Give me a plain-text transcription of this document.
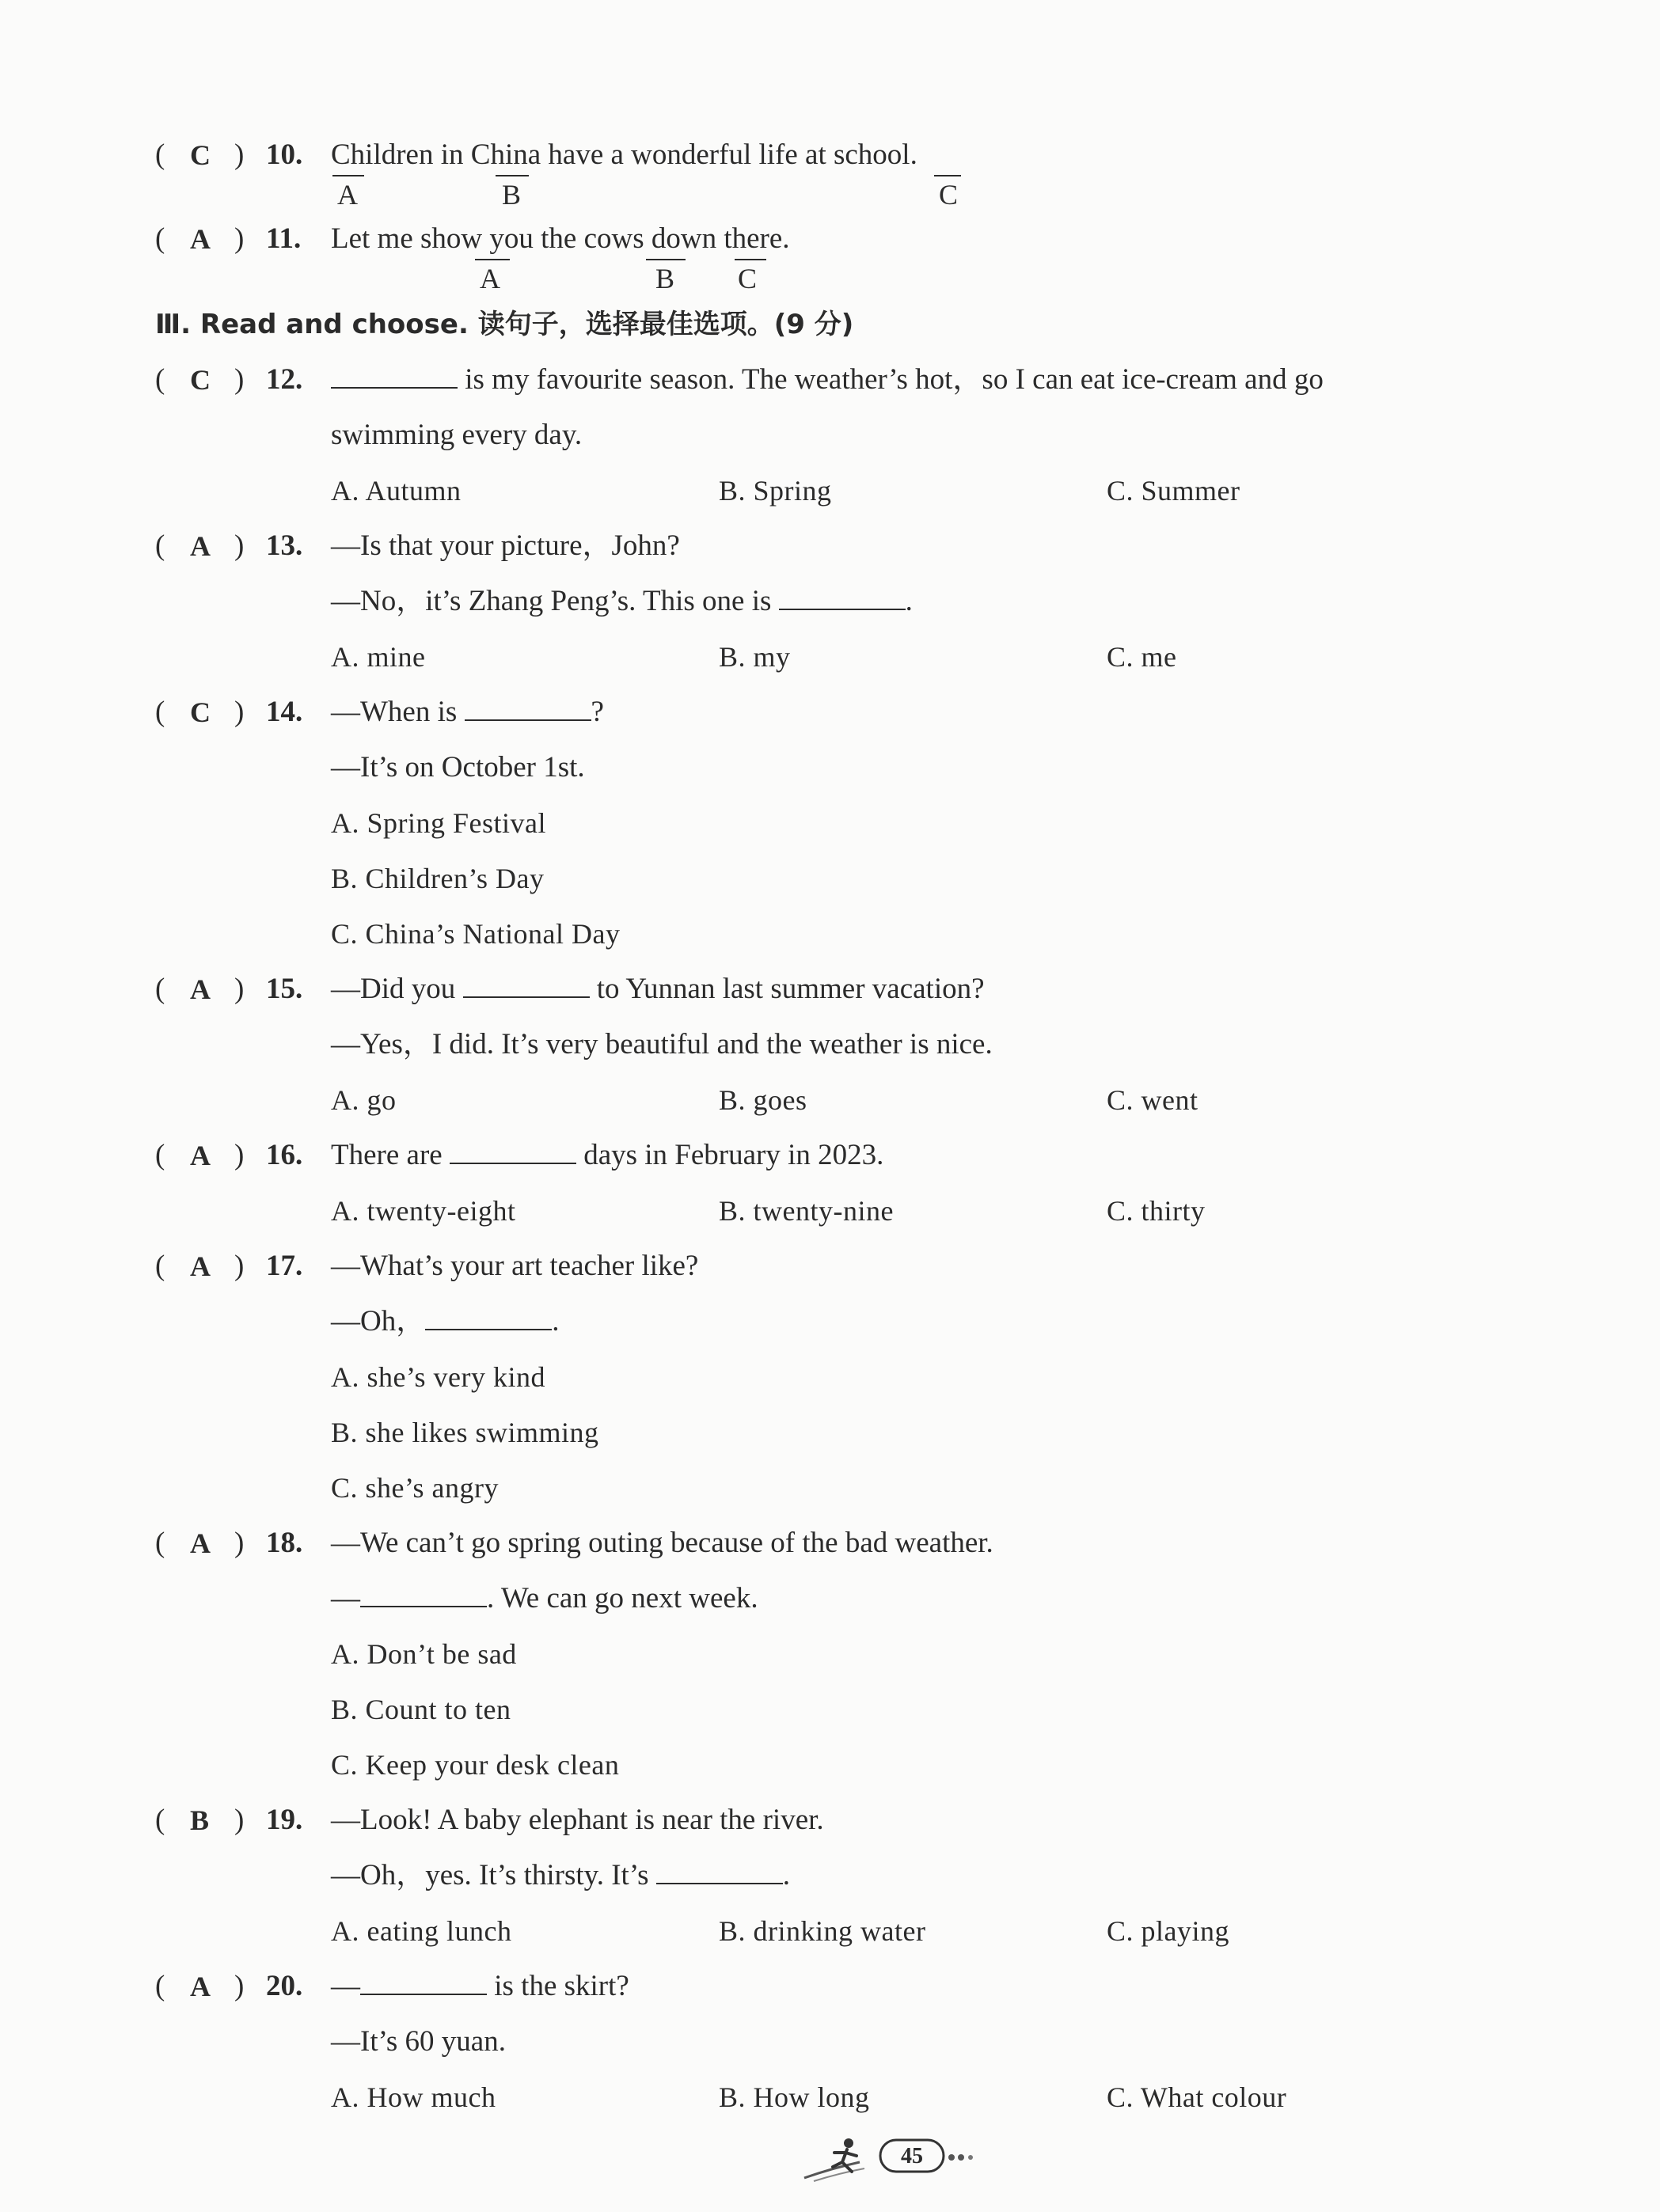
( C ) 10. Children in China have a wonderful life at school.
A	B	C
( A ) 11. Let me show you the cows down there.
A	B C
Ⅲ. Read and choose. 读句子，选择最佳选项。(9 分)
( C ) 12.	is my favourite season. The weather’s hot，so I can eat ice-cream and go
swimming every day.
A. Autumn	B. Spring	C. Summer
( A ) 13. —Is that your picture，John?
—No，it’s Zhang Peng’s. This one is	.
A. mine	B. my	C. me
( C ) 14. —When is	?
—It’s on October 1st.
A. Spring Festival
B. Children’s Day
C. China’s National Day
( A ) 15. —Did you	to Yunnan last summer vacation?
—Yes，I did. It’s very beautiful and the weather is nice.
A. go	B. goes	C. went
( A ) 16. There are	days in February in 2023.
A. twenty-eight	B. twenty-nine	C. thirty
( A ) 17. —What’s your art teacher like?
—Oh，	.
A. she’s very kind
B. she likes swimming
C. she’s angry
( A ) 18. —We can’t go spring outing because of the bad weather.
—	. We can go next week.
A. Don’t be sad
B. Count to ten
C. Keep your desk clean
( B ) 19. —Look! A baby elephant is near the river.
—Oh，yes. It’s thirsty. It’s	.
A. eating lunch	B. drinking water	C. playing
( A ) 20. —	is the skirt?
—It’s 60 yuan.
A. How much	B. How long	C. What colour
45
